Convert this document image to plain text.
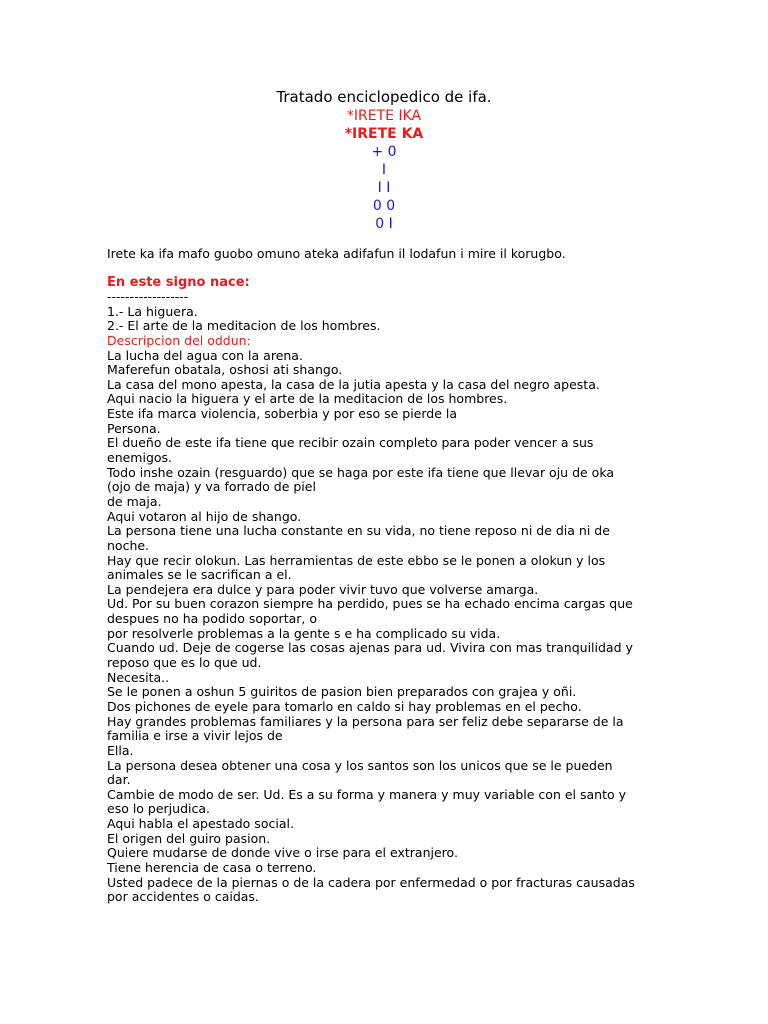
Tratado enciclopedico de ifa.
*IRETE IKA
*IRETE KA
+ 0
I
I I
0 0
0 I
Irete ka ifa mafo guobo omuno ateka adifafun il lodafun i mire il korugbo.
En este signo nace:
------------------
1.- La higuera.
2.- El arte de la meditacion de los hombres.
Descripcion del oddun:
La lucha del agua con la arena.
Maferefun obatala, oshosi ati shango.
La casa del mono apesta, la casa de la jutia apesta y la casa del negro apesta.
Aqui nacio la higuera y el arte de la meditacion de los hombres.
Este ifa marca violencia, soberbia y por eso se pierde la
Persona.
El dueño de este ifa tiene que recibir ozain completo para poder vencer a sus
enemigos.
Todo inshe ozain (resguardo) que se haga por este ifa tiene que llevar oju de oka
(ojo de maja) y va forrado de piel
de maja.
Aqui votaron al hijo de shango.
La persona tiene una lucha constante en su vida, no tiene reposo ni de dia ni de
noche.
Hay que recir olokun. Las herramientas de este ebbo se le ponen a olokun y los
animales se le sacrifican a el.
La pendejera era dulce y para poder vivir tuvo que volverse amarga.
Ud. Por su buen corazon siempre ha perdido, pues se ha echado encima cargas que
despues no ha podido soportar, o
por resolverle problemas a la gente s e ha complicado su vida.
Cuando ud. Deje de cogerse las cosas ajenas para ud. Vivira con mas tranquilidad y
reposo que es lo que ud.
Necesita..
Se le ponen a oshun 5 guiritos de pasion bien preparados con grajea y oñi.
Dos pichones de eyele para tomarlo en caldo si hay problemas en el pecho.
Hay grandes problemas familiares y la persona para ser feliz debe separarse de la
familia e irse a vivir lejos de
Ella.
La persona desea obtener una cosa y los santos son los unicos que se le pueden
dar.
Cambie de modo de ser. Ud. Es a su forma y manera y muy variable con el santo y
eso lo perjudica.
Aqui habla el apestado social.
El origen del guiro pasion.
Quiere mudarse de donde vive o irse para el extranjero.
Tiene herencia de casa o terreno.
Usted padece de la piernas o de la cadera por enfermedad o por fracturas causadas
por accidentes o caidas.
